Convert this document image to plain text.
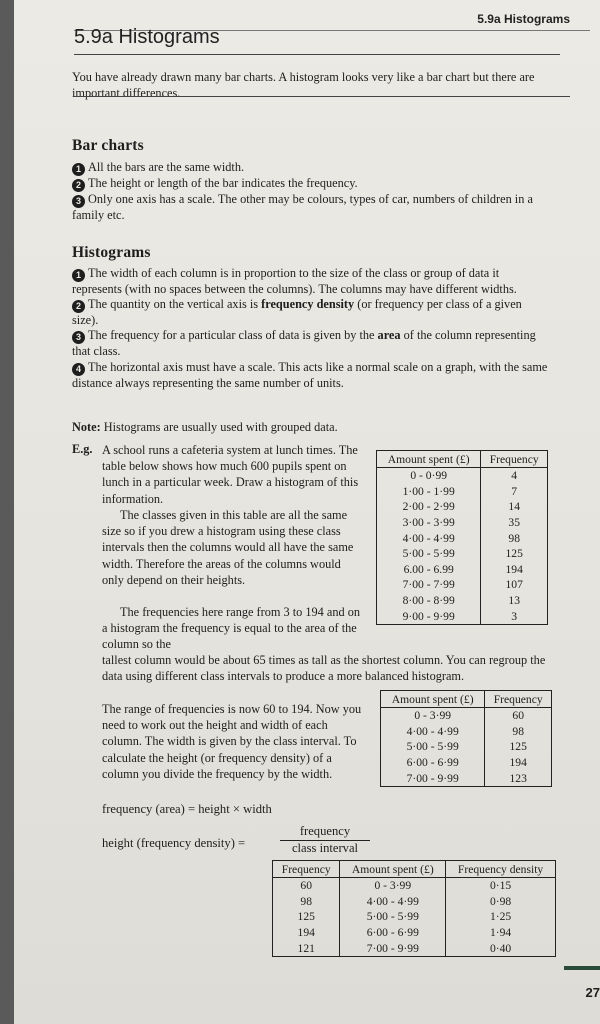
5.9a Histograms
5.9a Histograms
You have already drawn many bar charts. A histogram looks very like a bar chart but there are important differences.
Bar charts
1 All the bars are the same width.
2 The height or length of the bar indicates the frequency.
3 Only one axis has a scale. The other may be colours, types of car, numbers of children in a family etc.
Histograms
1 The width of each column is in proportion to the size of the class or group of data it represents (with no spaces between the columns). The columns may have different widths.
2 The quantity on the vertical axis is frequency density (or frequency per class of a given size).
3 The frequency for a particular class of data is given by the area of the column representing that class.
4 The horizontal axis must have a scale. This acts like a normal scale on a graph, with the same distance always representing the same number of units.
Note: Histograms are usually used with grouped data.
E.g. A school runs a cafeteria system at lunch times. The table below shows how much 600 pupils spent on lunch in a particular week. Draw a histogram of this information.
The classes given in this table are all the same size so if you drew a histogram using these class intervals then the columns would all have the same width. Therefore the areas of the columns would only depend on their heights.
The frequencies here range from 3 to 194 and on a histogram the frequency is equal to the area of the column so the
tallest column would be about 65 times as tall as the shortest column. You can regroup the data using different class intervals to produce a more balanced histogram.
The range of frequencies is now 60 to 194. Now you need to work out the height and width of each column. The width is given by the class interval. To calculate the height (or frequency density) of a column you divide the frequency by the width.
frequency (area) = height × width
height (frequency density) =
frequency
class interval
Amount spent (£)	Frequency
0 - 0·99	4
1·00 - 1·99	7
2·00 - 2·99	14
3·00 - 3·99	35
4·00 - 4·99	98
5·00 - 5·99	125
6.00 - 6.99	194
7·00 - 7·99	107
8·00 - 8·99	13
9·00 - 9·99	3
Amount spent (£)	Frequency
0 - 3·99	60
4·00 - 4·99	98
5·00 - 5·99	125
6·00 - 6·99	194
7·00 - 9·99	123
Frequency	Amount spent (£)	Frequency density
60	0 - 3·99	0·15
98	4·00 - 4·99	0·98
125	5·00 - 5·99	1·25
194	6·00 - 6·99	1·94
121	7·00 - 9·99	0·40
27
